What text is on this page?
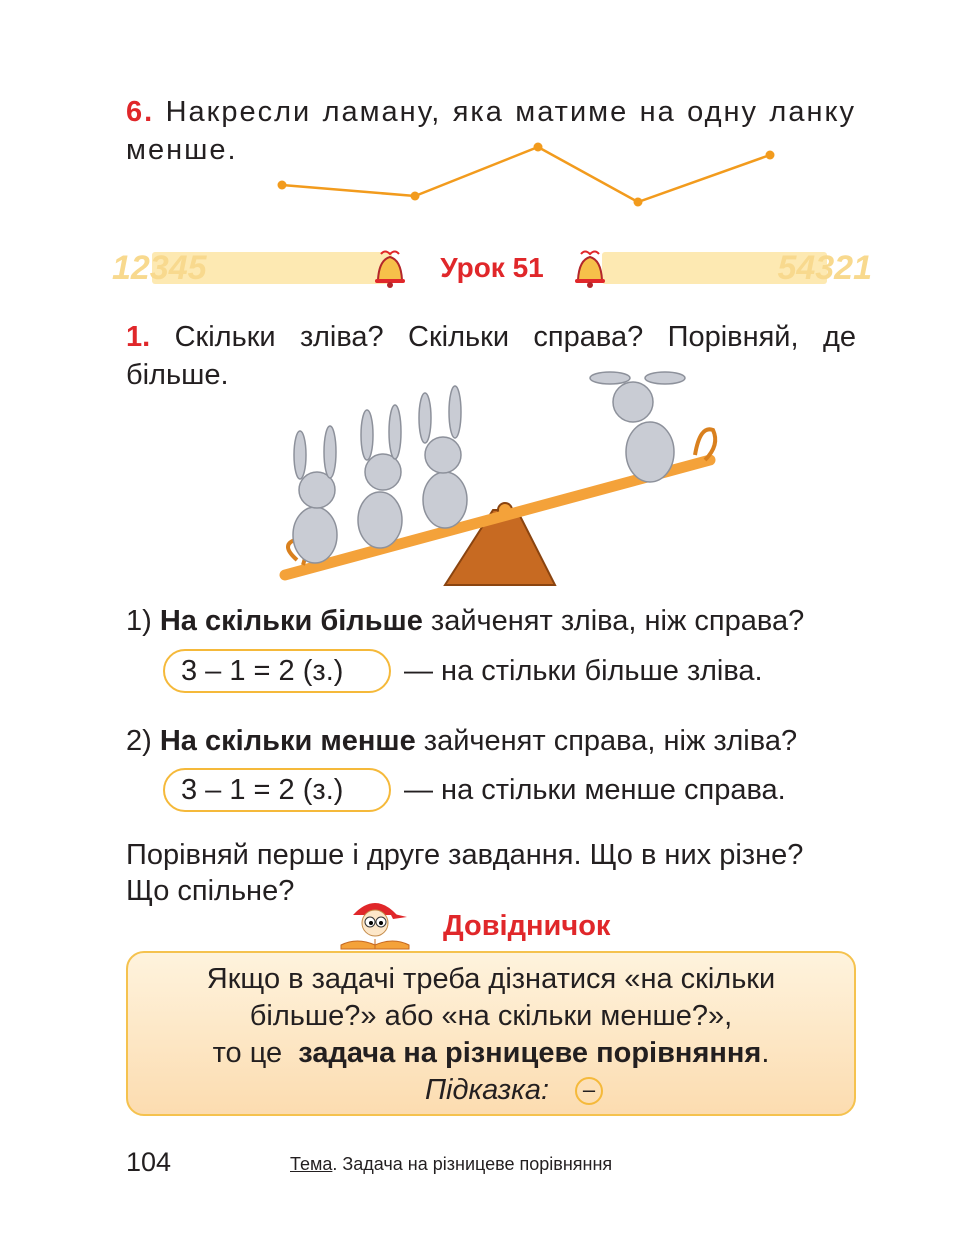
6. Накресли ламану, яка матиме на одну ланку менше.
12345	54321
Урок 51
1. Скільки зліва? Скільки справа? Порівняй, де більше.
1) На скільки більше зайченят зліва, ніж справа?
3 – 1 = 2 (з.) — на стільки більше зліва.
2) На скільки менше зайченят справа, ніж зліва?
3 – 1 = 2 (з.) — на стільки менше справа.
Порівняй перше і друге завдання. Що в них різне?
Що спільне?
Довідничок
Якщо в задачі треба дізнатися «на скільки
більше?» або «на скільки менше?»,
то це задача на різницеве порівняння.
Підказка:	–
104	Тема. Задача на різницеве порівняння
